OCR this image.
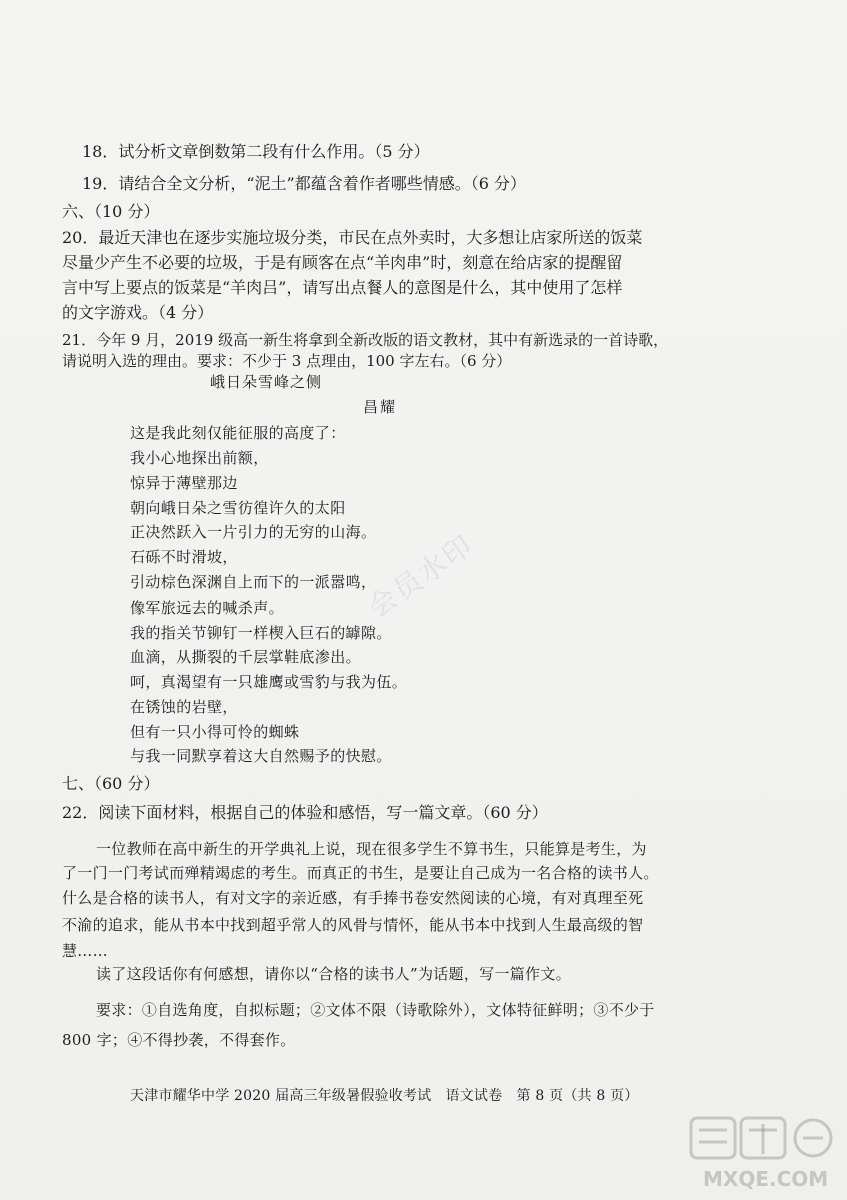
18．试分析文章倒数第二段有什么作用。（5 分）
19．请结合全文分析，“泥土”都蕴含着作者哪些情感。（6 分）
六、（10 分）
20．最近天津也在逐步实施垃圾分类，市民在点外卖时，大多想让店家所送的饭菜
尽量少产生不必要的垃圾，于是有顾客在点“羊肉串”时，刻意在给店家的提醒留
言中写上要点的饭菜是“羊肉吕”，请写出点餐人的意图是什么，其中使用了怎样
的文字游戏。（4 分）
21．今年 9 月，2019 级高一新生将拿到全新改版的语文教材，其中有新选录的一首诗歌，
请说明入选的理由。要求：不少于 3 点理由，100 字左右。（6 分）
峨日朵雪峰之侧
昌耀
这是我此刻仅能征服的高度了：
我小心地探出前额，
惊异于薄壁那边
朝向峨日朵之雪彷徨许久的太阳
正决然跃入一片引力的无穷的山海。
石砾不时滑坡，
引动棕色深渊自上而下的一派嚣鸣，
像军旅远去的喊杀声。
我的指关节铆钉一样楔入巨石的罅隙。
血滴，从撕裂的千层掌鞋底渗出。
呵，真渴望有一只雄鹰或雪豹与我为伍。
在锈蚀的岩壁，
但有一只小得可怜的蜘蛛
与我一同默享着这大自然赐予的快慰。
七、（60 分）
22．阅读下面材料，根据自己的体验和感悟，写一篇文章。（60 分）
一位教师在高中新生的开学典礼上说，现在很多学生不算书生，只能算是考生，为
了一门一门考试而殚精竭虑的考生。而真正的书生，是要让自己成为一名合格的读书人。
什么是合格的读书人，有对文字的亲近感，有手捧书卷安然阅读的心境，有对真理至死
不渝的追求，能从书本中找到超乎常人的风骨与情怀，能从书本中找到人生最高级的智
慧……
读了这段话你有何感想，请你以“合格的读书人”为话题，写一篇作文。
要求：①自选角度，自拟标题；②文体不限（诗歌除外），文体特征鲜明；③不少于
800 字；④不得抄袭，不得套作。
天津市耀华中学 2020 届高三年级暑假验收考试　语文试卷　第 8 页（共 8 页）
会员水印
MXQE.COM
